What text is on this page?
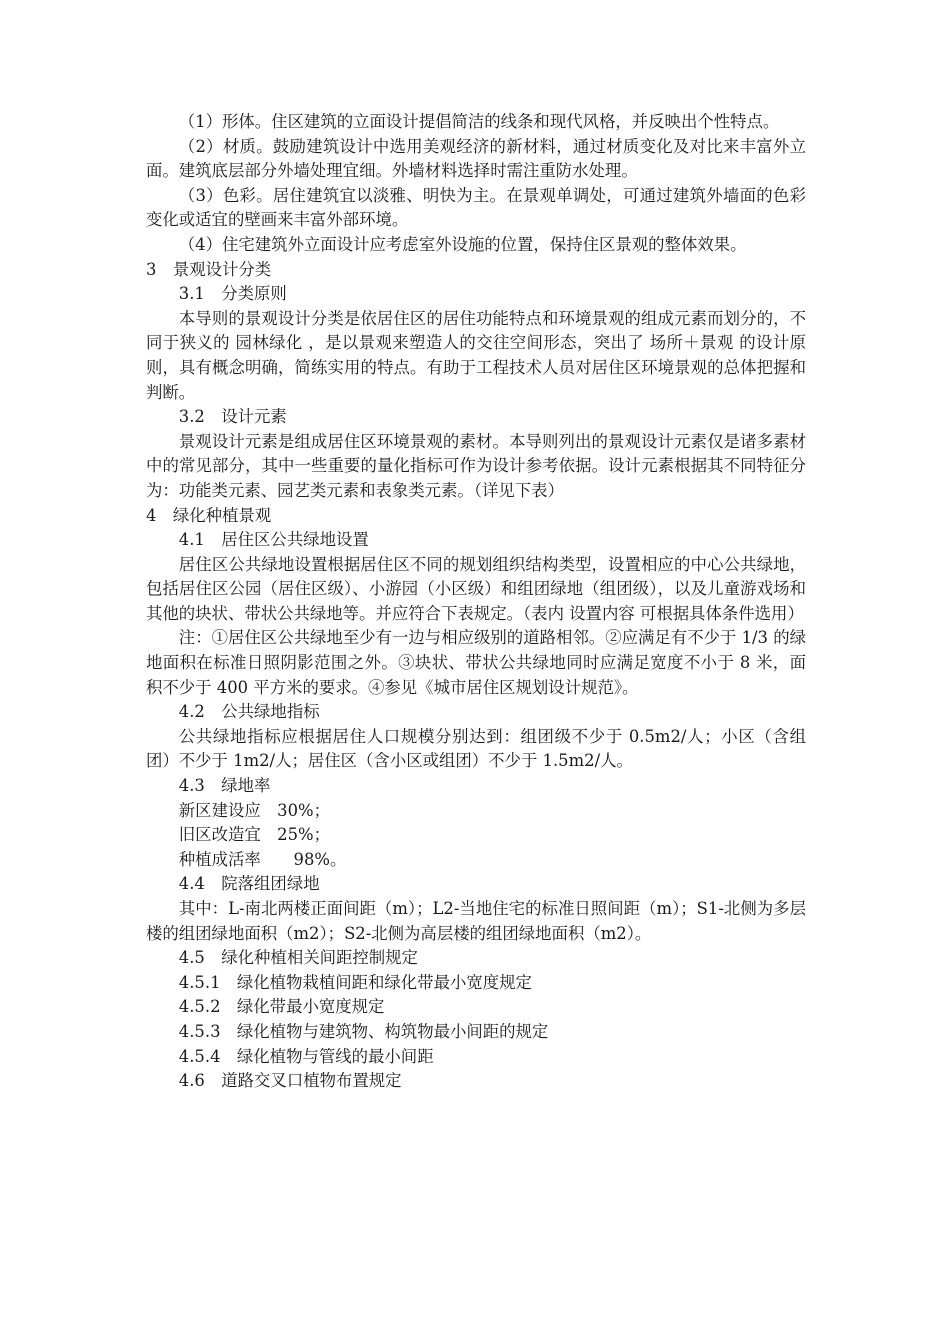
（1）形体。住区建筑的立面设计提倡简洁的线条和现代风格，并反映出个性特点。

（2）材质。鼓励建筑设计中选用美观经济的新材料，通过材质变化及对比来丰富外立面。建筑底层部分外墙处理宜细。外墙材料选择时需注重防水处理。

（3）色彩。居住建筑宜以淡雅、明快为主。在景观单调处，可通过建筑外墙面的色彩变化或适宜的壁画来丰富外部环境。

（4）住宅建筑外立面设计应考虑室外设施的位置，保持住区景观的整体效果。

3　景观设计分类

3.1　分类原则

本导则的景观设计分类是依居住区的居住功能特点和环境景观的组成元素而划分的，不同于狭义的 园林绿化 ，是以景观来塑造人的交往空间形态，突出了 场所＋景观 的设计原则，具有概念明确，简练实用的特点。有助于工程技术人员对居住区环境景观的总体把握和判断。

3.2　设计元素

景观设计元素是组成居住区环境景观的素材。本导则列出的景观设计元素仅是诸多素材中的常见部分，其中一些重要的量化指标可作为设计参考依据。设计元素根据其不同特征分为：功能类元素、园艺类元素和表象类元素。（详见下表）

4　绿化种植景观

4.1　居住区公共绿地设置

居住区公共绿地设置根据居住区不同的规划组织结构类型，设置相应的中心公共绿地，包括居住区公园（居住区级）、小游园（小区级）和组团绿地（组团级），以及儿童游戏场和其他的块状、带状公共绿地等。并应符合下表规定。（表内 设置内容 可根据具体条件选用）

注：①居住区公共绿地至少有一边与相应级别的道路相邻。②应满足有不少于 1/3 的绿地面积在标准日照阴影范围之外。③块状、带状公共绿地同时应满足宽度不小于 8 米，面积不少于 400 平方米的要求。④参见《城市居住区规划设计规范》。

4.2　公共绿地指标

公共绿地指标应根据居住人口规模分别达到：组团级不少于 0.5m2/人；小区（含组团）不少于 1m2/人；居住区（含小区或组团）不少于 1.5m2/人。

4.3　绿地率

新区建设应　30%；

旧区改造宜　25%；

种植成活率　　98%。

4.4　院落组团绿地

其中：L-南北两楼正面间距（m）；L2-当地住宅的标准日照间距（m）；S1-北侧为多层楼的组团绿地面积（m2）；S2-北侧为高层楼的组团绿地面积（m2）。

4.5　绿化种植相关间距控制规定

4.5.1　绿化植物栽植间距和绿化带最小宽度规定

4.5.2　绿化带最小宽度规定

4.5.3　绿化植物与建筑物、构筑物最小间距的规定

4.5.4　绿化植物与管线的最小间距

4.6　道路交叉口植物布置规定
